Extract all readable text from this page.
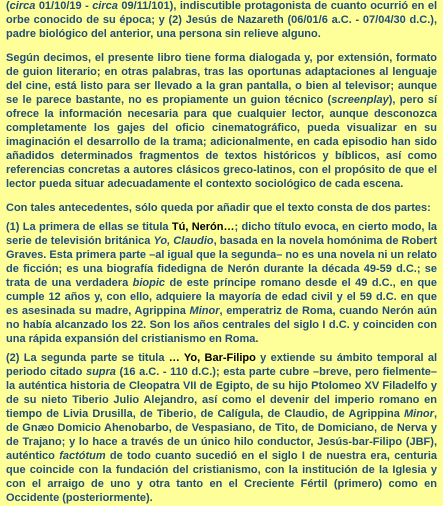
(circa 01/10/19 - circa 09/11/101), indiscutible protagonista de cuanto ocurrió en el orbe conocido de su época; y (2) Jesús de Nazareth (06/01/6 a.C. - 07/04/30 d.C.), padre biológico del anterior, una persona sin relieve alguno.

Según decimos, el presente libro tiene forma dialogada y, por extensión, formato de guion literario; en otras palabras, tras las oportunas adaptaciones al lenguaje del cine, está listo para ser llevado a la gran pantalla, o bien al televisor; aunque se le parece bastante, no es propiamente un guion técnico (screenplay), pero sí ofrece la información necesaria para que cualquier lector, aunque desconozca completamente los gajes del oficio cinematográfico, pueda visualizar en su imaginación el desarrollo de la trama; adicionalmente, en cada episodio han sido añadidos determinados fragmentos de textos históricos y bíblicos, así como referencias concretas a autores clásicos greco-latinos, con el propósito de que el lector pueda situar adecuadamente el contexto sociológico de cada escena.

Con tales antecedentes, sólo queda por añadir que el texto consta de dos partes:

(1) La primera de ellas se titula Tú, Nerón…; dicho título evoca, en cierto modo, la serie de televisión británica Yo, Claudio, basada en la novela homónima de Robert Graves. Esta primera parte –al igual que la segunda– no es una novela ni un relato de ficción; es una biografía fidedigna de Nerón durante la década 49-59 d.C.; se trata de una verdadera biopic de este príncipe romano desde el 49 d.C., en que cumple 12 años y, con ello, adquiere la mayoría de edad civil y el 59 d.C. en que es asesinada su madre, Agrippina Minor, emperatriz de Roma, cuando Nerón aún no había alcanzado los 22. Son los años centrales del siglo I d.C. y coinciden con una rápida expansión del cristianismo en Roma.

(2) La segunda parte se titula … Yo, Bar-Filipo y extiende su ámbito temporal al periodo citado supra (16 a.C. - 110 d.C.); esta parte cubre –breve, pero fielmente– la auténtica historia de Cleopatra VII de Egipto, de su hijo Ptolomeo XV Filadelfo y de su nieto Tiberio Julio Alejandro, así como el devenir del imperio romano en tiempo de Livia Drusilla, de Tiberio, de Calígula, de Claudio, de Agrippina Minor, de Gnæo Domicio Ahenobarbo, de Vespasiano, de Tito, de Domiciano, de Nerva y de Trajano; y lo hace a través de un único hilo conductor, Jesús-bar-Filipo (JBF), auténtico factótum de todo cuanto sucedió en el siglo I de nuestra era, centuria que coincide con la fundación del cristianismo, con la institución de la Iglesia y con el arraigo de uno y otra tanto en el Creciente Fértil (primero) como en Occidente (posteriormente).
